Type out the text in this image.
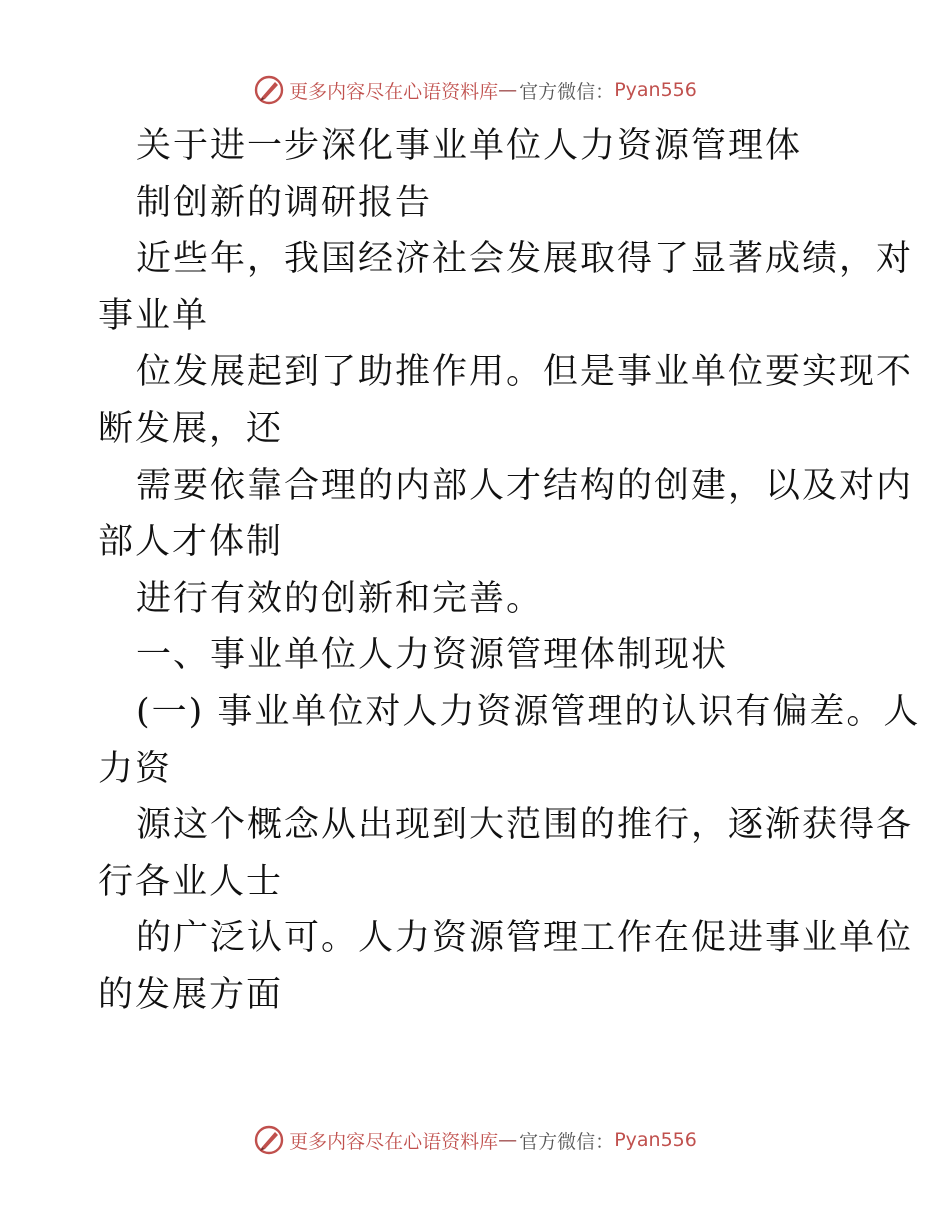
更多内容尽在心语资料库 — 官方微信： Pyan556
关于进一步深化事业单位人力资源管理体
制创新的调研报告
近些年，我国经济社会发展取得了显著成绩，对
事业单
位发展起到了助推作用。但是事业单位要实现不
断发展，还
需要依靠合理的内部人才结构的创建，以及对内
部人才体制
进行有效的创新和完善。
一、事业单位人力资源管理体制现状
(一) 事业单位对人力资源管理的认识有偏差。人
力资
源这个概念从出现到大范围的推行，逐渐获得各
行各业人士
的广泛认可。人力资源管理工作在促进事业单位
的发展方面
更多内容尽在心语资料库 — 官方微信： Pyan556
